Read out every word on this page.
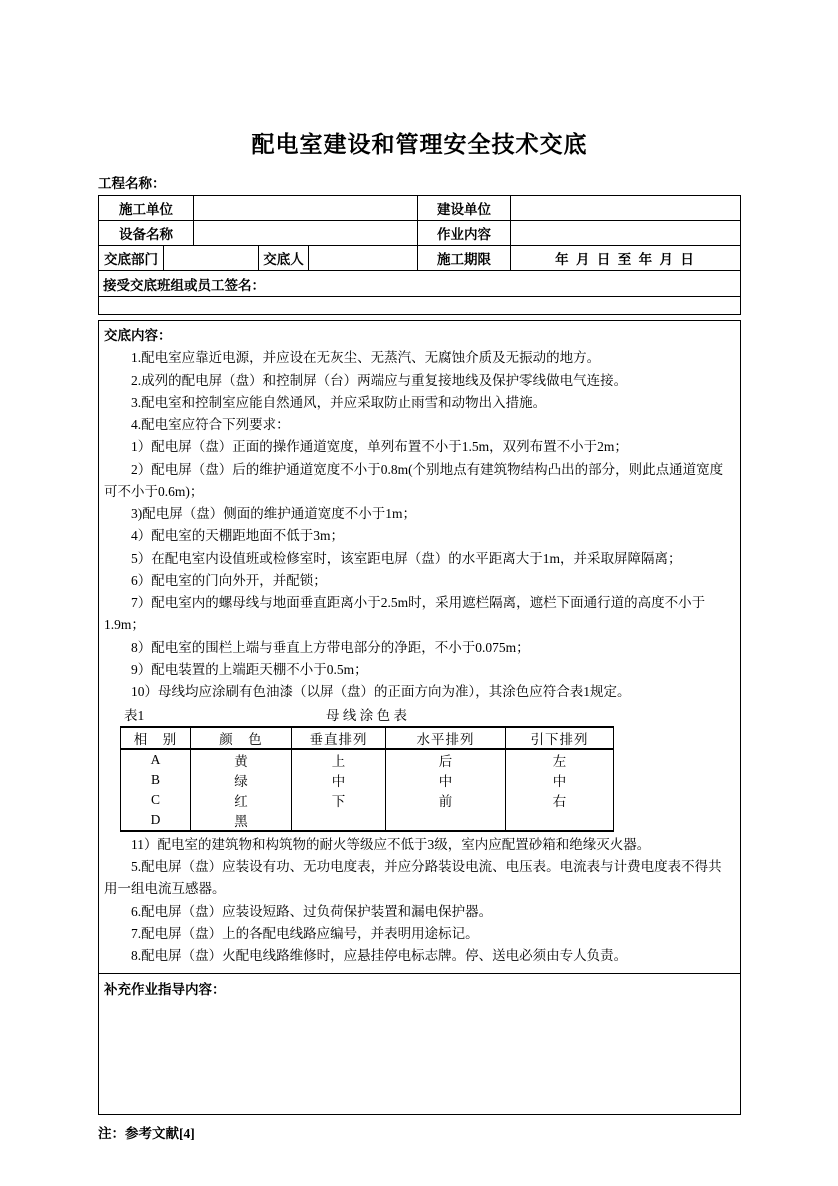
配电室建设和管理安全技术交底
工程名称：
施工单位					建设单位	
设备名称					作业内容	
交底部门			交底人		施工期限	年 月 日 至 年 月 日
接受交底班组或员工签名：						

交底内容：

1.配电室应靠近电源，并应设在无灰尘、无蒸汽、无腐蚀介质及无振动的地方。

2.成列的配电屏（盘）和控制屏（台）两端应与重复接地线及保护零线做电气连接。

3.配电室和控制室应能自然通风，并应采取防止雨雪和动物出入措施。

4.配电室应符合下列要求：

1）配电屏（盘）正面的操作通道宽度，单列布置不小于1.5m，双列布置不小于2m；

2）配电屏（盘）后的维护通道宽度不小于0.8m(个别地点有建筑物结构凸出的部分，则此点通道宽度可不小于0.6m)；

3)配电屏（盘）侧面的维护通道宽度不小于1m；

4）配电室的天棚距地面不低于3m；

5）在配电室内设值班或检修室时，该室距电屏（盘）的水平距离大于1m，并采取屏障隔离；

6）配电室的门向外开，并配锁；

7）配电室内的螺母线与地面垂直距离小于2.5m时，采用遮栏隔离，遮栏下面通行道的高度不小于1.9m；

8）配电室的围栏上端与垂直上方带电部分的净距，不小于0.075m；

9）配电装置的上端距天棚不小于0.5m；

10）母线均应涂刷有色油漆（以屏（盘）的正面方向为准），其涂色应符合表1规定。

表1	母 线 涂 色 表
相　别	颜　色	垂直排列	水平排列	引下排列
A	黄	上	后	左
B	绿	中	中	中
C	红	下	前	右
D	黑			

11）配电室的建筑物和构筑物的耐火等级应不低于3级，室内应配置砂箱和绝缘灭火器。

5.配电屏（盘）应装设有功、无功电度表，并应分路装设电流、电压表。电流表与计费电度表不得共用一组电流互感器。

6.配电屏（盘）应装设短路、过负荷保护装置和漏电保护器。

7.配电屏（盘）上的各配电线路应编号，并表明用途标记。

8.配电屏（盘）火配电线路维修时，应悬挂停电标志牌。停、送电必须由专人负责。

补充作业指导内容：
注：参考文献[4]
